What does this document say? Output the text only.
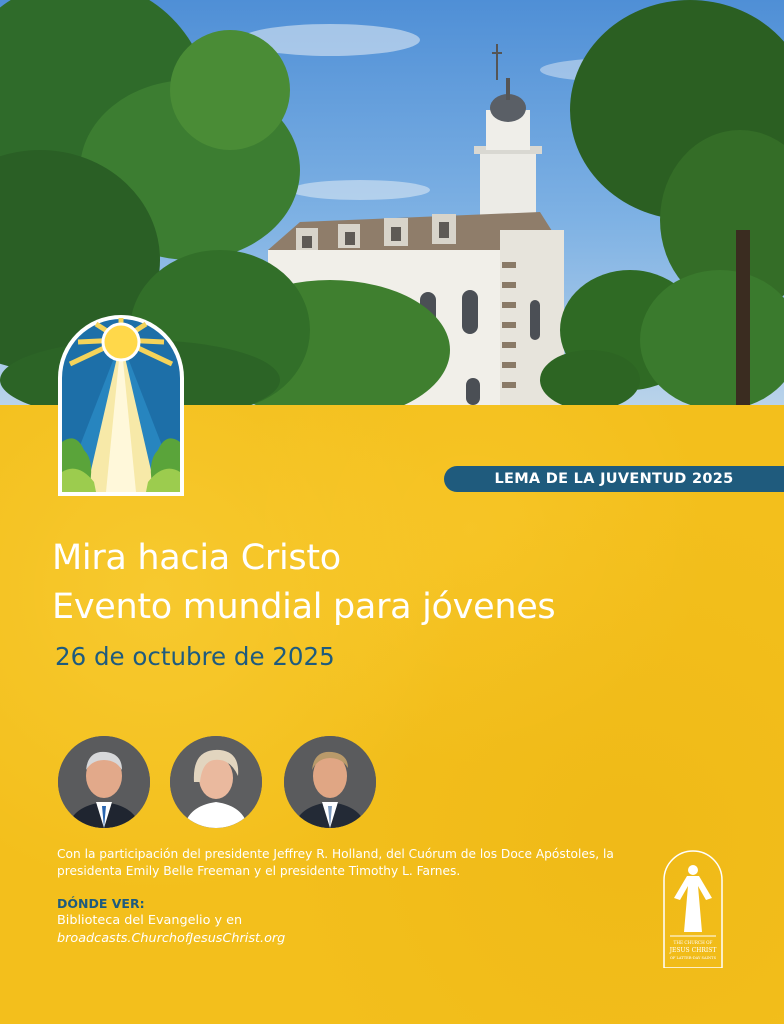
LEMA DE LA JUVENTUD 2025
Mira hacia Cristo
Evento mundial para jóvenes

26 de octubre de 2025

Con la participación del presidente Jeffrey R. Holland, del Cuórum de los Doce Apóstoles, la presidenta Emily Belle Freeman y el presidente Timothy L. Farnes.

DÓNDE VER:

Biblioteca del Evangelio y en

broadcasts.ChurchofJesusChrist.org	THE CHURCH OF
JESUS CHRIST
OF LATTER-DAY SAINTS
